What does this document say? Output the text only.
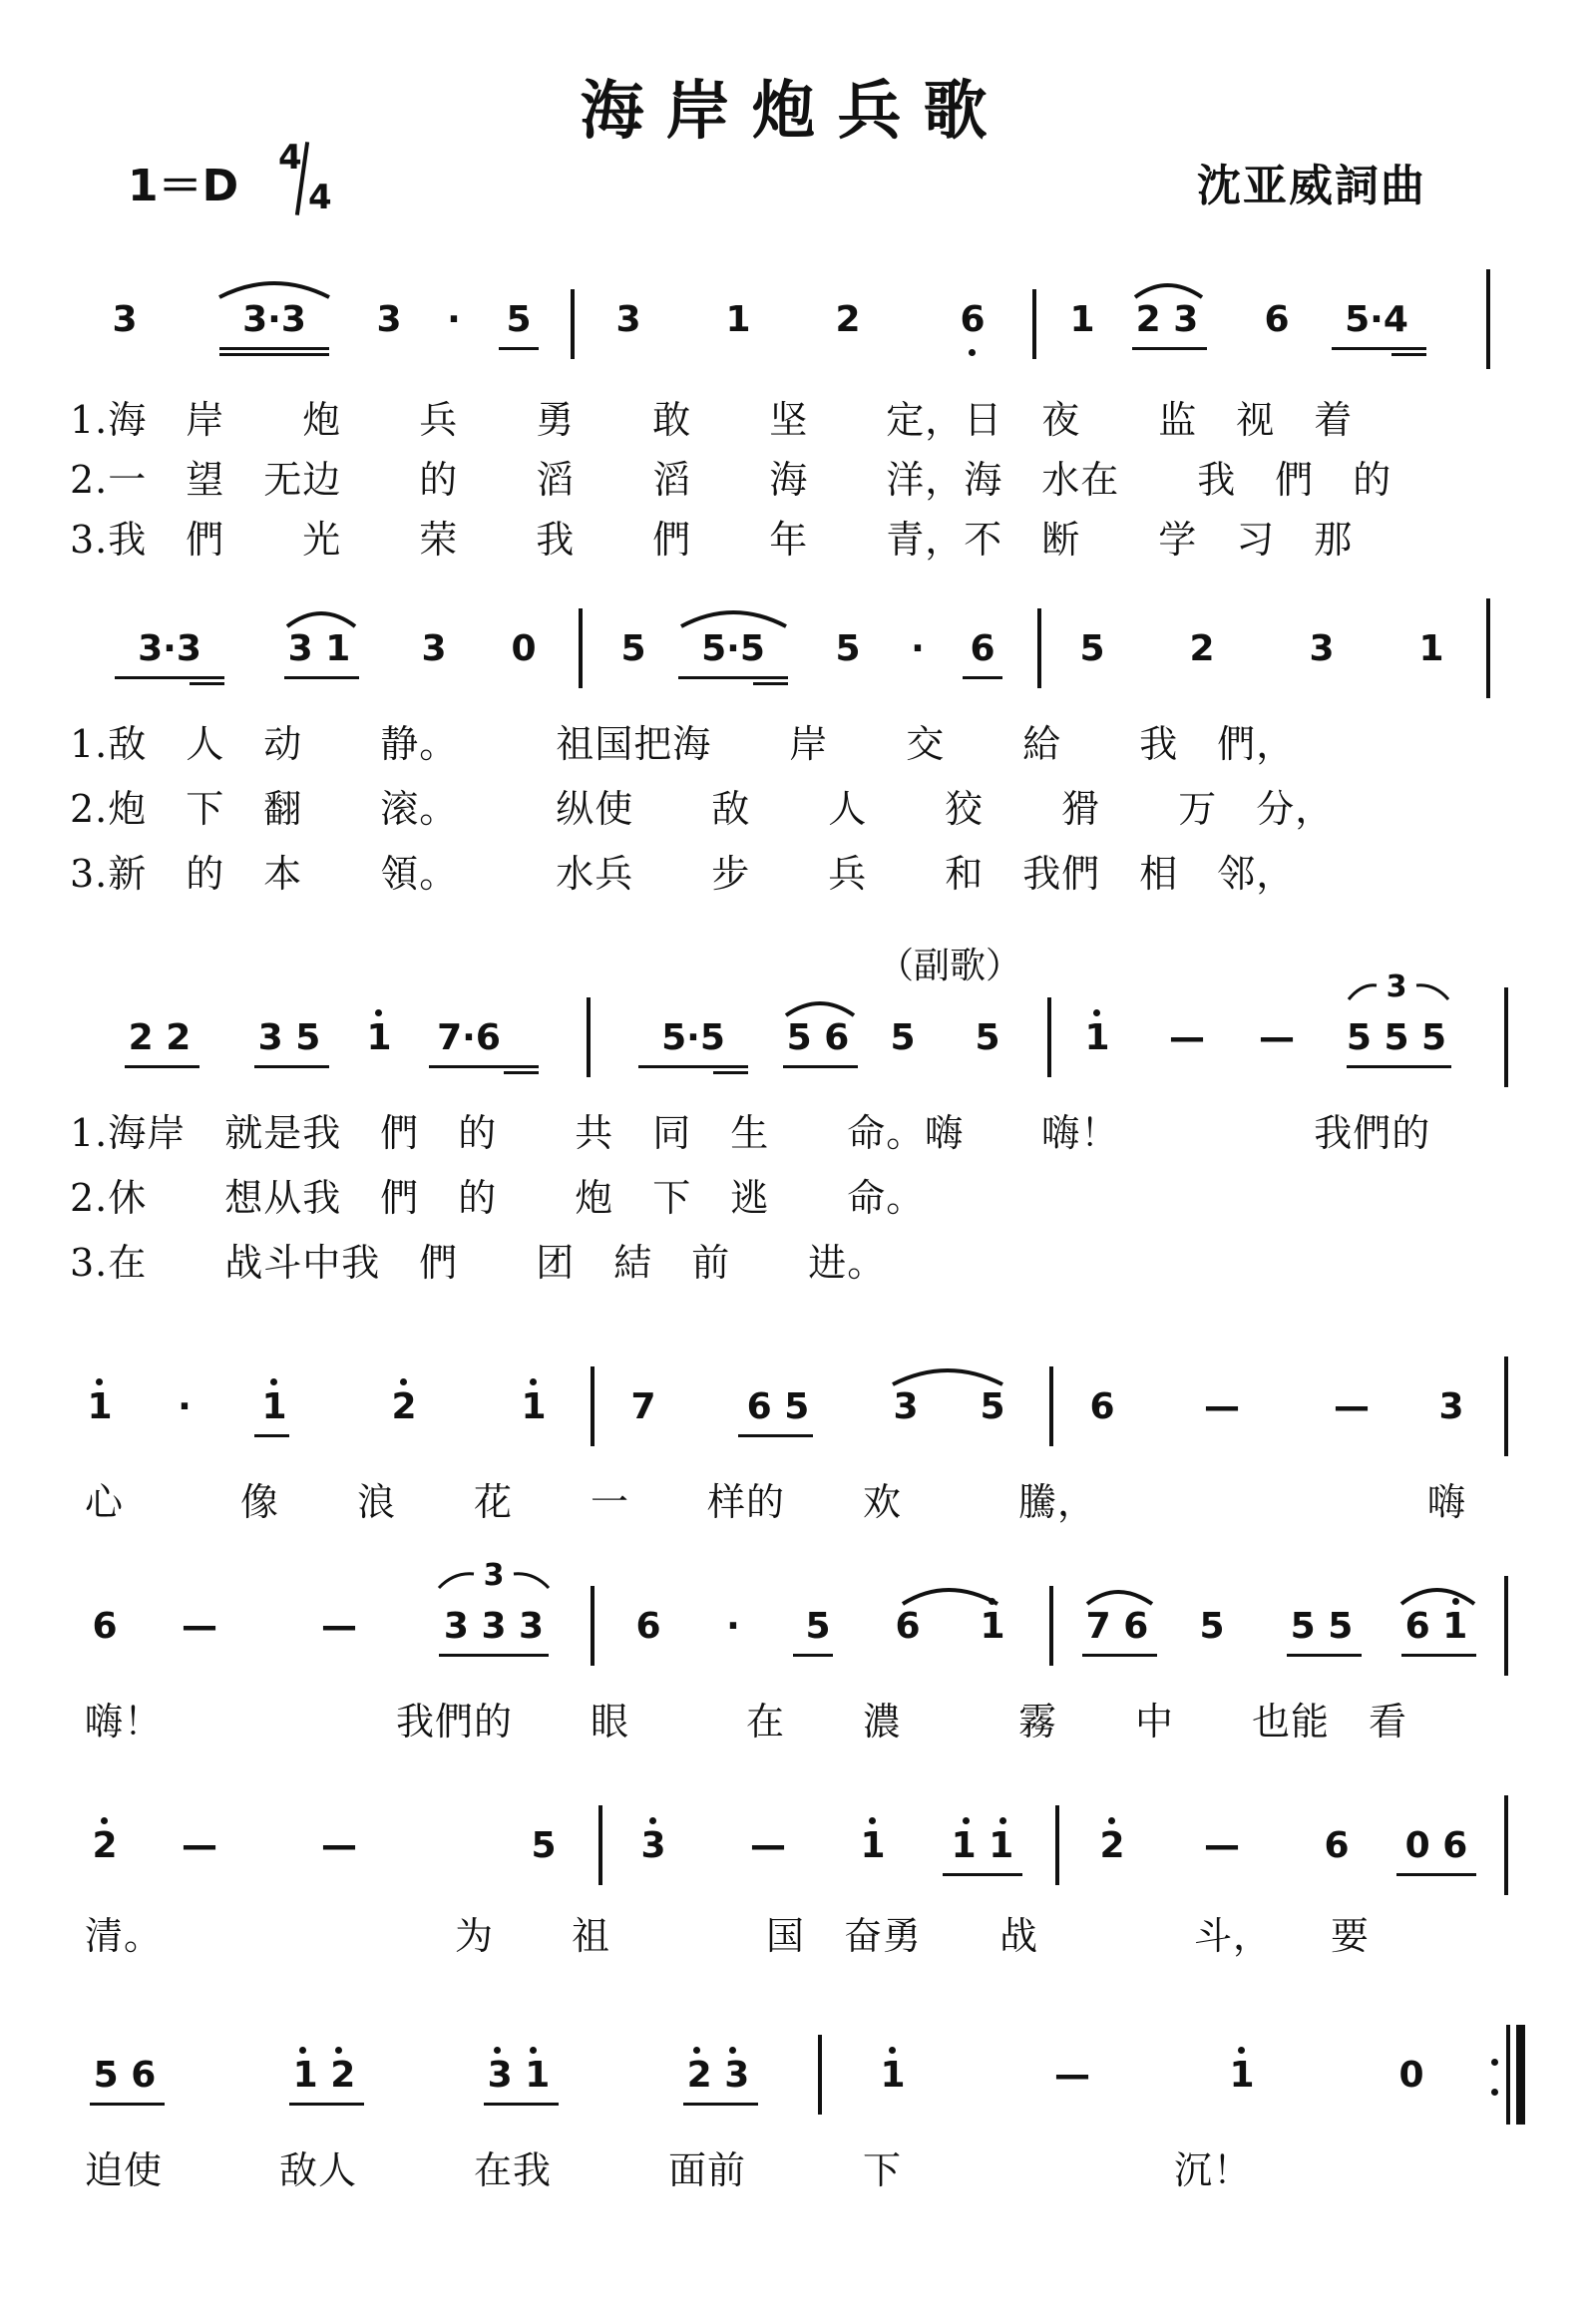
海岸炮兵歌
1＝D
4
4	沈亚威詞曲
3	3·3 3 · 5 3 1 2	6 1 2 3 6 5·4
1.海　岸　　炮　　兵　　勇　　敢　　坚　　定，日　夜　　监　视　着
2.一　望　无边　　的　　滔　　滔　　海　　洋，海　水在　　我　們　的
3.我　們　　光　　荣　　我　　們　　年　　青，不　断　　学　习　那
3·3 3 1 3 0 5 5·5 5 · 6 5 2	3 1
1.敌　人　动　　静。　　　祖国把海　　岸　　交　　給　　我　們，
2.炮　下　翻　　滚。　　　纵使　　敌　　人　　狡　　猾　　万　分，
3.新　的　本　　領。　　　水兵　　步　　兵　　和　我們　相　邻，
（副歌）
2 2 3 5 1 7·6	5·5 5 6 5 5 1 — — 5 5 5
3
1.海岸　就是我　們　的　　共　同　生　　命。嗨　　嗨！　　　　　我們的
2.休　　想从我　們　的　　炮　下　逃　　命。
3.在　　战斗中我　們　　团　結　前　　进。
1 · 1	2	1 7	6 5 3 5 6 —	— 3
心　　　像　　浪　　花　　一　　样的　　欢　　　騰，　　　　　　　　　嗨
6 —	— 3 3 3
3
6 · 5 6 1 7 6 5 5 5 6 1
嗨！　　　　　　我們的　　眼　　　在　　濃　　　霧　　中　　也能　看
2 —	—	5 3 — 1 1 1 2 — 6 0 6
清。　　　　　　　　为　　祖　　　　国　奋勇　　战　　　　斗，　　要
5 6	1 2	3 1	2 3	1	—	1	0
迫使　　　敌人　　　在我　　　面前　　　下　　　　　　　沉！
